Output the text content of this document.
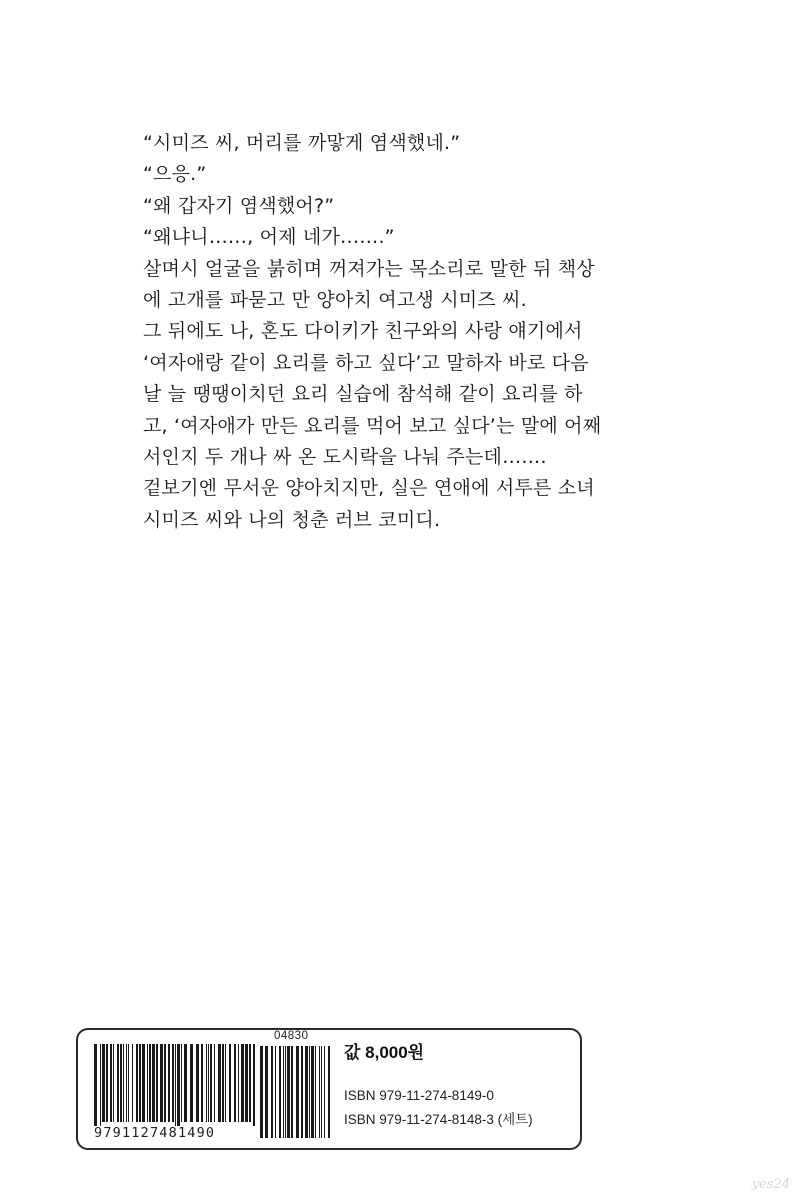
“시미즈 씨, 머리를 까맣게 염색했네.”
“으응.”
“왜 갑자기 염색했어?”
“왜냐니……, 어제 네가…….”
살며시 얼굴을 붉히며 꺼져가는 목소리로 말한 뒤 책상
에 고개를 파묻고 만 양아치 여고생 시미즈 씨.
그 뒤에도 나, 혼도 다이키가 친구와의 사랑 얘기에서
‘여자애랑 같이 요리를 하고 싶다’고 말하자 바로 다음
날 늘 땡땡이치던 요리 실습에 참석해 같이 요리를 하
고, ‘여자애가 만든 요리를 먹어 보고 싶다’는 말에 어째
서인지 두 개나 싸 온 도시락을 나눠 주는데…….
겉보기엔 무서운 양아치지만, 실은 연애에 서투른 소녀
시미즈 씨와 나의 청춘 러브 코미디.
9791127481490
04830
값 8,000원
ISBN 979-11-274-8149-0
ISBN 979-11-274-8148-3 (세트)
yes24
